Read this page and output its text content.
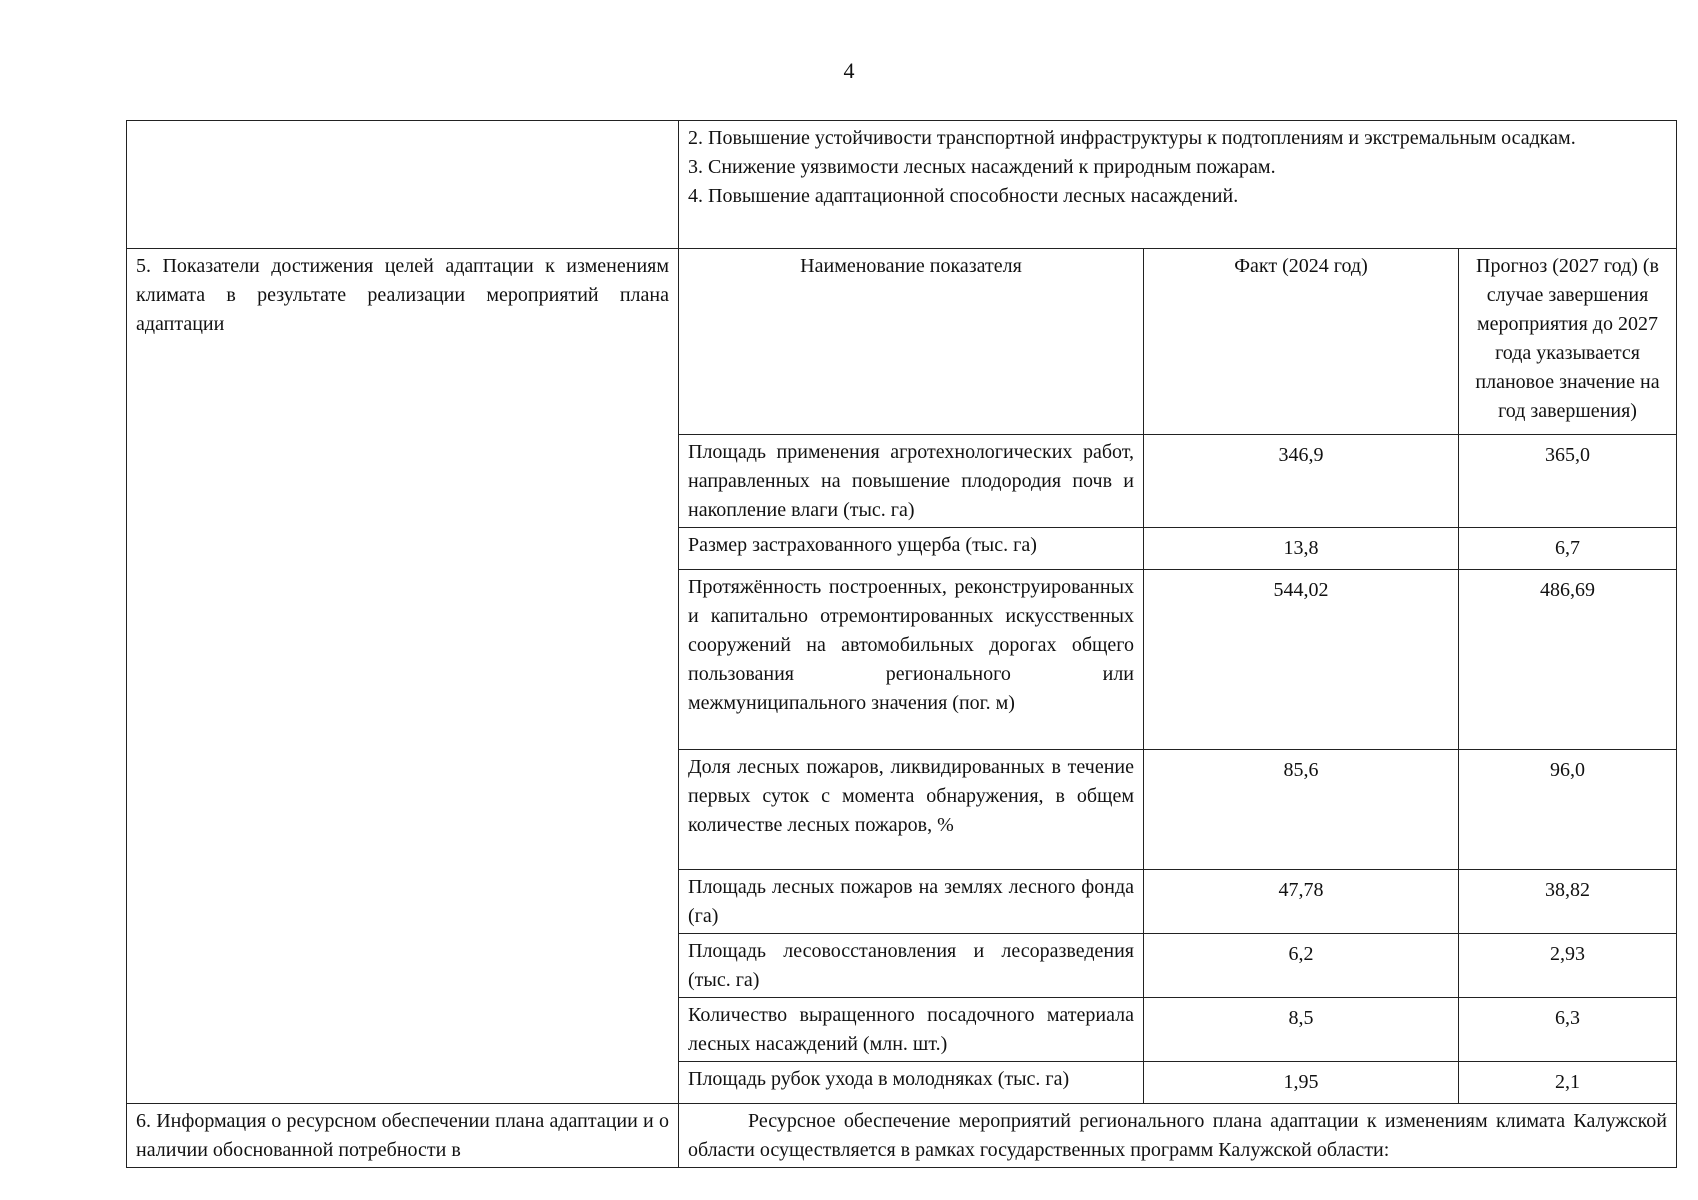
4

	2. Повышение устойчивости транспортной инфраструктуры к подтоплениям и экстремальным осадкам.
3. Снижение уязвимости лесных насаждений к природным пожарам.
4. Повышение адаптационной способности лесных насаждений.		

5. Показатели достижения целей адаптации к изменениям климата в результате реализации мероприятий плана адаптации	Наименование показателя	Факт (2024 год)	Прогноз (2027 год) (в случае завершения мероприятия до 2027 года указывается плановое значение на год завершения)
	Площадь применения агротехнологических работ, направленных на повышение плодородия почв и накопление влаги (тыс. га)	346,9	365,0
	Размер застрахованного ущерба (тыс. га)	13,8	6,7
	Протяжённость построенных, реконструированных и капитально отремонтированных искусственных сооружений на автомобильных дорогах общего пользования регионального или межмуниципального значения (пог. м)	544,02	486,69
	Доля лесных пожаров, ликвидированных в течение первых суток с момента обнаружения, в общем количестве лесных пожаров, %	85,6	96,0
	Площадь лесных пожаров на землях лесного фонда (га)	47,78	38,82
	Площадь лесовосстановления и лесоразведения (тыс. га)	6,2	2,93
	Количество выращенного посадочного материала лесных насаждений (млн. шт.)	8,5	6,3
	Площадь рубок ухода в молодняках (тыс. га)	1,95	2,1
6. Информация о ресурсном обеспечении плана адаптации и о наличии обоснованной потребности в	Ресурсное обеспечение мероприятий регионального плана адаптации к изменениям климата Калужской области осуществляется в рамках государственных программ Калужской области:		
